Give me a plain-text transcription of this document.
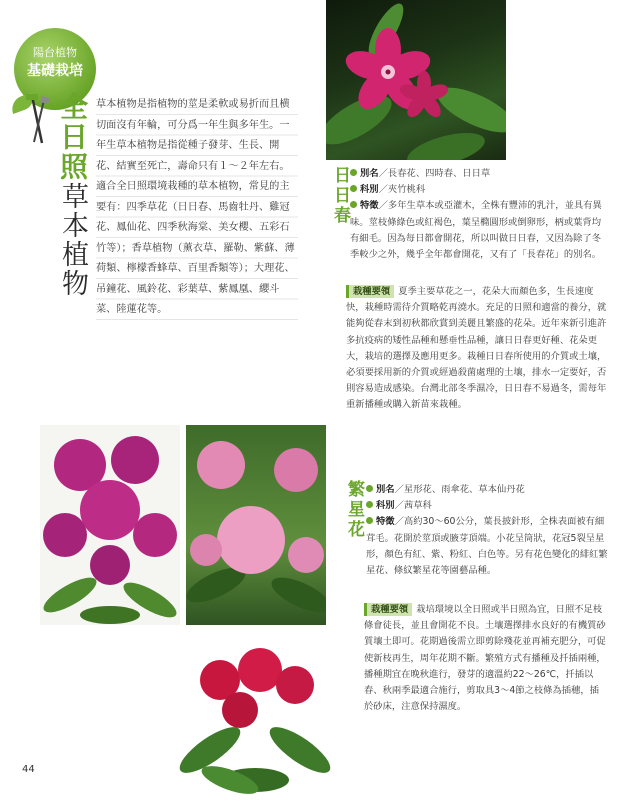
陽台植物
基礎栽培
全日照草本植物
草本植物是指植物的莖是柔軟或易折而且横切面沒有年輪，可分爲一年生與多年生。一年生草本植物是指從種子發芽、生長、開花、結實至死亡，壽命只有１～２年左右。適合全日照環境栽種的草本植物，常見的主要有：四季草花（日日春、馬齒牡丹、雞冠花、鳳仙花、四季秋海棠、美女櫻、五彩石竹等）；香草植物（薰衣草、羅勒、紫蘇、薄荷類、檸檬香蜂草、百里香類等）；大理花、吊鐘花、風鈴花、彩葉草、紫鳳凰、纓斗菜、陸蓮花等。
日日春	別名／長春花、四時春、日日草
科別／夾竹桃科
特徵／多年生草本或亞灌木，全株有豐沛的乳汁，並具有異味。莖枝條綠色或紅褐色，葉呈橢圓形或倒卵形，柄或葉背均有細毛。因為每日都會開花，所以叫做日日春，又因為除了冬季較少之外，幾乎全年都會開花，又有了「長春花」的別名。
栽種要領 夏季主要草花之一，花朵大而顏色多，生長速度快，栽種時需待介質略乾再澆水。充足的日照和適當的養分，就能夠從春末到初秋都欣賞到美麗且繁盛的花朵。近年來新引進許多抗疫病的矮性品種和懸垂性品種，讓日日春更好種、花朵更大，栽培的選擇及應用更多。栽種日日春所使用的介質或土壤，必須要採用新的介質或經過殺菌處理的土壤，排水一定要好，否則容易造成感染。台灣北部冬季濕冷，日日春不易過冬，需每年重新播種或購入新苗來栽種。
繁星花	別名／星形花、雨傘花、草本仙丹花
科別／茜草科
特徵／高約30～60公分，葉長披針形，全株表面被有細茸毛。花開於莖頂或腋芽頂端。小花呈筒狀，花冠5裂呈星形，顏色有紅、紫、粉紅、白色等。另有花色變化的緋紅繁星花、條紋繁星花等園藝品種。
栽種要領 栽培環境以全日照或半日照為宜，日照不足枝條會徒長，並且會開花不良。土壤選擇排水良好的有機質砂質壤土即可。花期過後需立即剪除殘花並再補充肥分，可促使新枝再生，周年花期不斷。繁殖方式有播種及扦插兩種，播種期宜在晚秋進行，發芽的適溫約22～26℃，扦插以春、秋兩季最適合施行，剪取具3～4節之枝條為插穗，插於砂床，注意保持濕度。
44
